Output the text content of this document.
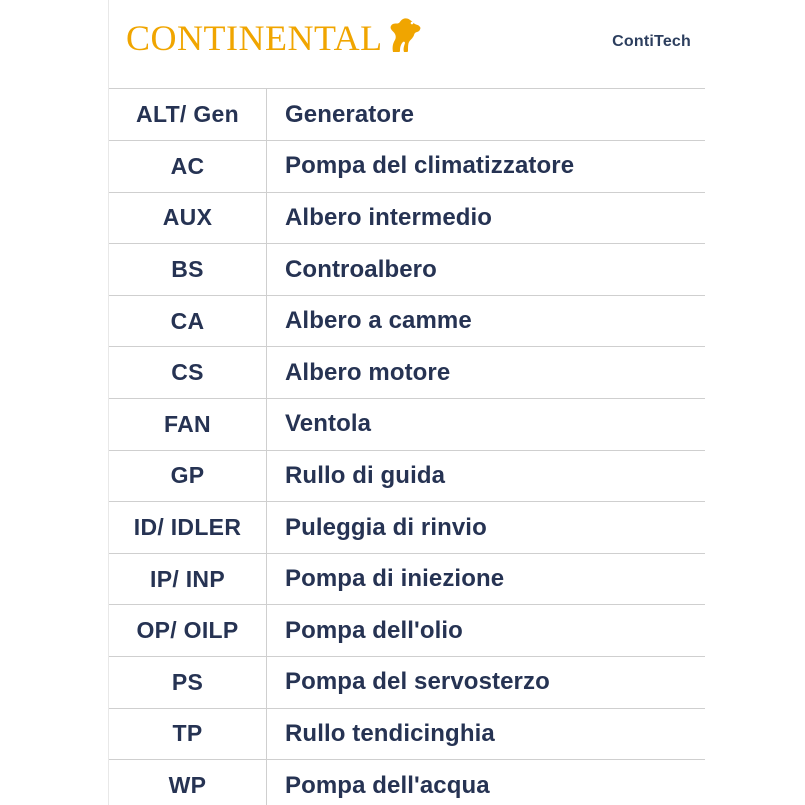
CONTINENTAL	ContiTech
ALT/ Gen	Generatore
AC	Pompa del climatizzatore
AUX	Albero intermedio
BS	Controalbero
CA	Albero a camme
CS	Albero motore
FAN	Ventola
GP	Rullo di guida
ID/ IDLER	Puleggia di rinvio
IP/ INP	Pompa di iniezione
OP/ OILP	Pompa dell'olio
PS	Pompa del servosterzo
TP	Rullo tendicinghia
WP	Pompa dell'acqua
